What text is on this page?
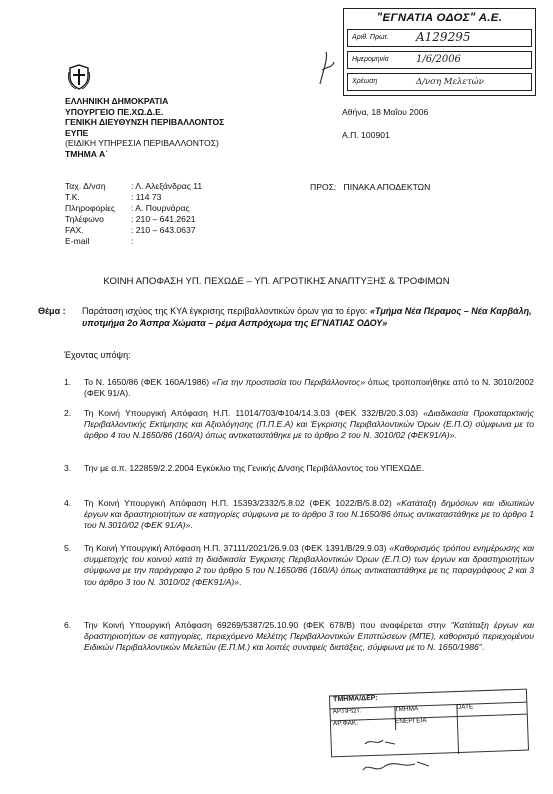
"ΕΓΝΑΤΙΑ ΟΔΟΣ" Α.Ε.
Αριθ. Πρωτ. Α129295
Ημερομηνία	1/6/2006
Χρέωση	Δ/νση Μελετών
ΕΛΛΗΝΙΚΗ ΔΗΜΟΚΡΑΤΙΑ
ΥΠΟΥΡΓΕΙΟ ΠΕ.ΧΩ.Δ.Ε.
ΓΕΝΙΚΗ ΔΙΕΥΘΥΝΣΗ ΠΕΡΙΒΑΛΛΟΝΤΟΣ
ΕΥΠΕ
(ΕΙΔΙΚΗ ΥΠΗΡΕΣΙΑ ΠΕΡΙΒΑΛΛΟΝΤΟΣ)
ΤΜΗΜΑ Α΄
Αθήνα, 18 Μαΐου 2006
Α.Π. 100901
Ταχ. Δ/νση	: Λ. Αλεξάνδρας 11
Τ.Κ.	: 114 73
Πληροφορίες : Α. Πουρνάρας
Τηλέφωνο	: 210 – 641.2621
FAX.	: 210 – 643.0637
E-mail	:
ΠΡΟΣ:   ΠΙΝΑΚΑ ΑΠΟΔΕΚΤΩΝ
ΚΟΙΝΗ ΑΠΟΦΑΣΗ ΥΠ. ΠΕΧΩΔΕ – ΥΠ. ΑΓΡΟΤΙΚΗΣ ΑΝΑΠΤΥΞΗΣ & ΤΡΟΦΙΜΩΝ
Θέμα : Παράταση ισχύος της ΚΥΑ έγκρισης περιβαλλοντικών όρων για το έργο: «Τμήμα Νέα Πέραμος – Νέα Καρβάλη, υποτμήμα 2ο Άσπρα Χώματα – ρέμα Ασπρόχωμα της ΕΓΝΑΤΙΑΣ ΟΔΟΥ»
Έχοντας υπόψη:
1. Το Ν. 1650/86 (ΦΕΚ 160Α/1986) «Για την προστασία του Περιβάλλοντος» όπως τροποποιήθηκε από το Ν. 3010/2002 (ΦΕΚ 91/Α).
2. Τη Κοινή Υπουργική Απόφαση Η.Π. 11014/703/Φ104/14.3.03 (ΦΕΚ 332/Β/20.3.03) «Διαδικασία Προκαταρκτικής Περιβαλλοντικής Εκτίμησης και Αξιολόγησης (Π.Π.Ε.Α) και Έγκρισης Περιβαλλοντικών Όρων (Ε.Π.Ο) σύμφωνα με το άρθρο 4 του Ν.1650/86 (160/Α) όπως αντικαταστάθηκε με το άρθρο 2 του Ν. 3010/02 (ΦΕΚ91/Α)».
3. Την με α.π. 122859/2.2.2004 Εγκύκλιο της Γενικής Δ/νσης Περιβάλλοντος του ΥΠΕΧΩΔΕ.
4. Τη Κοινή Υπουργική Απόφαση Η.Π. 15393/2332/5.8.02 (ΦΕΚ 1022/Β/5.8.02) «Κατάταξη δημόσιων και ιδιωτικών έργων και δραστηριοτήτων σε κατηγορίες σύμφωνα με το άρθρο 3 του Ν.1650/86 όπως αντικαταστάθηκε με το άρθρο 1 του Ν.3010/02 (ΦΕΚ 91/Α)».
5. Τη Κοινή Υπουργική Απόφαση Η.Π. 37111/2021/26.9.03 (ΦΕΚ 1391/Β/29.9.03) «Καθορισμός τρόπου ενημέρωσης και συμμετοχής του κοινού κατά τη διαδικασία Έγκρισης Περιβαλλοντικών Όρων (Ε.Π.Ο) των έργων και δραστηριοτήτων σύμφωνα με την παράγραφο 2 του άρθρο 5 του Ν.1650/86 (160/Α) όπως αντικαταστάθηκε με τις παραγράφους 2 και 3 του άρθρο 3 του Ν. 3010/02 (ΦΕΚ91/Α)».
6. Την Κοινή Υπουργική Απόφαση 69269/5387/25.10.90 (ΦΕΚ 678/Β) που αναφέρεται στην "Κατάταξη έργων και δραστηριοτήτων σε κατηγορίες, περιεχόμενο Μελέτης Περιβαλλοντικών Επιπτώσεων (ΜΠΕ), καθορισμό περιεχομένου Ειδικών Περιβαλλοντικών Μελετών (Ε.Π.Μ.) και λοιπές συναφείς διατάξεις, σύμφωνα με το Ν. 1650/1986".
ΤΜΗΜΑ/ΔΕΡ:
ΑΡ.ΠΡΩΤ.	ΤΜΗΜΑ	DATE
ΑΡ.ΦΑΚ.	ΕΝΕΡΓΕΙΑ
